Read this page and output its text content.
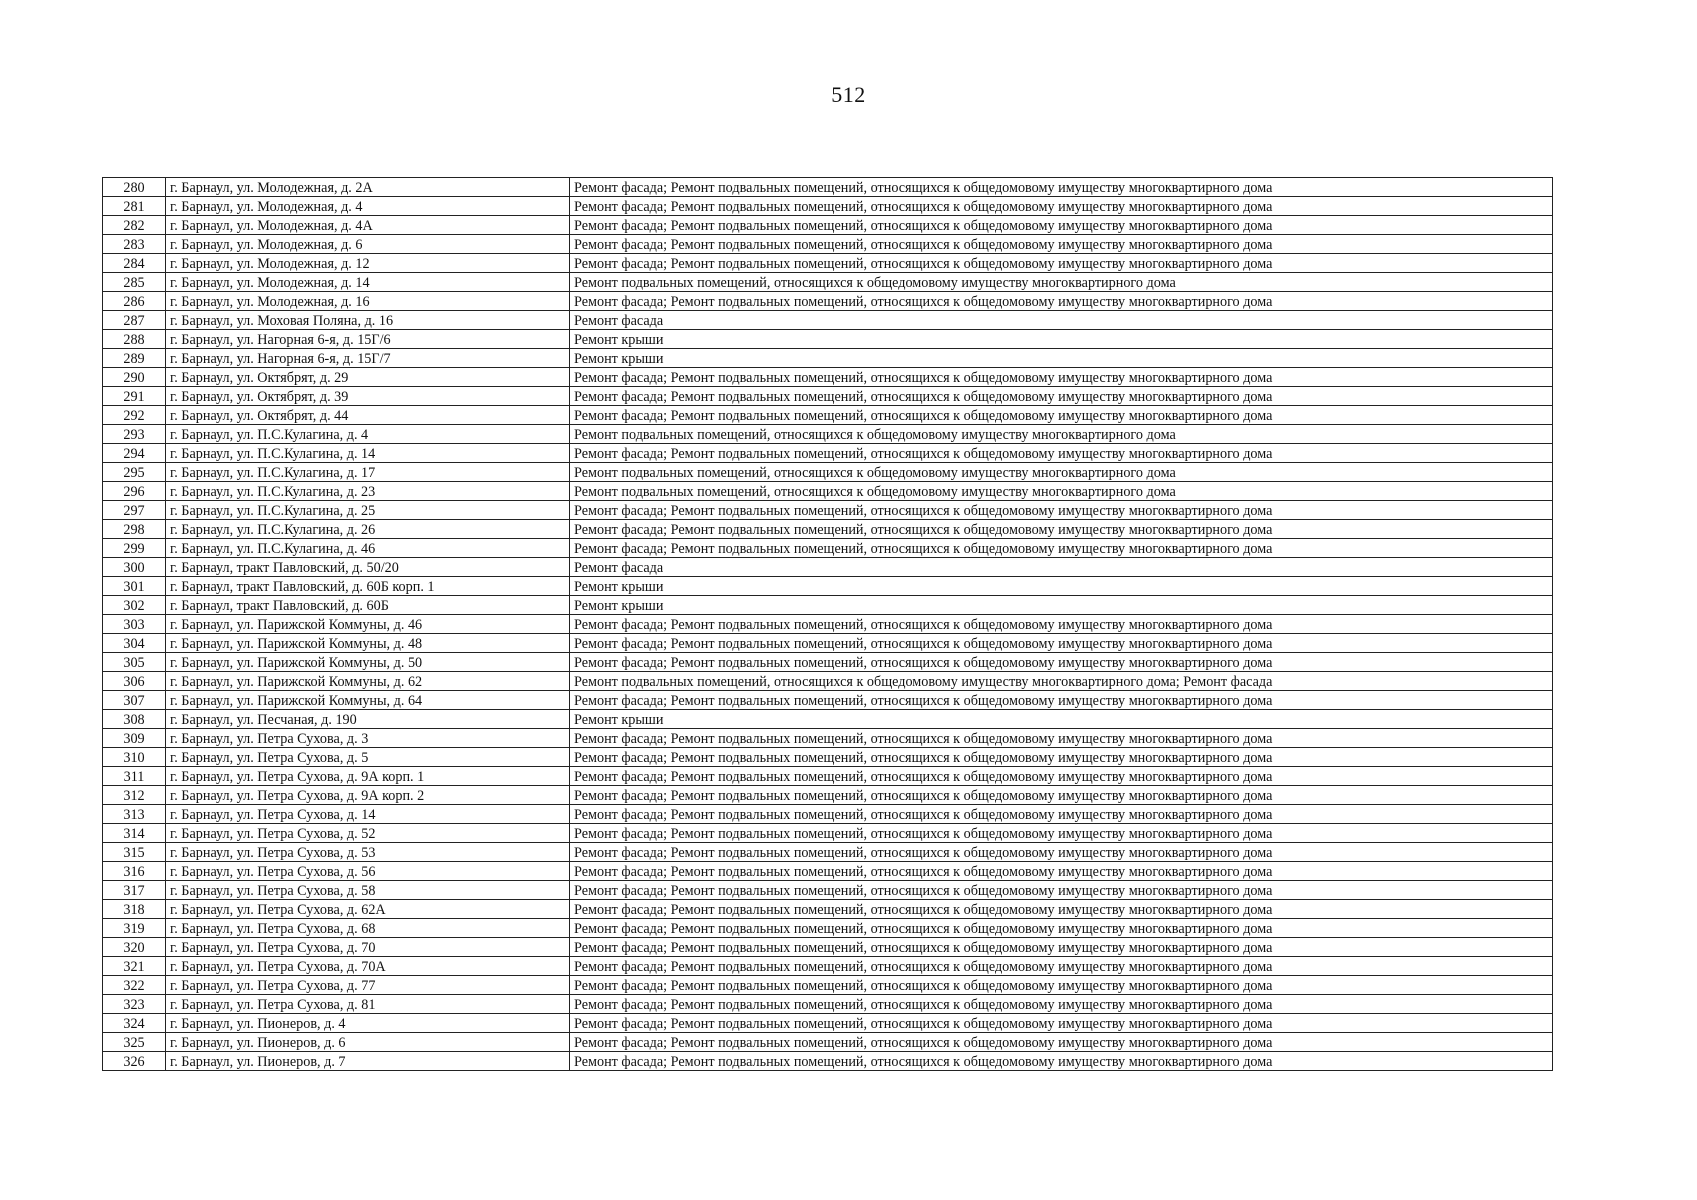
512
280	г. Барнаул, ул. Молодежная, д. 2А	Ремонт фасада; Ремонт подвальных помещений, относящихся к общедомовому имуществу многоквартирного дома
281	г. Барнаул, ул. Молодежная, д. 4	Ремонт фасада; Ремонт подвальных помещений, относящихся к общедомовому имуществу многоквартирного дома
282	г. Барнаул, ул. Молодежная, д. 4А	Ремонт фасада; Ремонт подвальных помещений, относящихся к общедомовому имуществу многоквартирного дома
283	г. Барнаул, ул. Молодежная, д. 6	Ремонт фасада; Ремонт подвальных помещений, относящихся к общедомовому имуществу многоквартирного дома
284	г. Барнаул, ул. Молодежная, д. 12	Ремонт фасада; Ремонт подвальных помещений, относящихся к общедомовому имуществу многоквартирного дома
285	г. Барнаул, ул. Молодежная, д. 14	Ремонт подвальных помещений, относящихся к общедомовому имуществу многоквартирного дома
286	г. Барнаул, ул. Молодежная, д. 16	Ремонт фасада; Ремонт подвальных помещений, относящихся к общедомовому имуществу многоквартирного дома
287	г. Барнаул, ул. Моховая Поляна, д. 16	Ремонт фасада
288	г. Барнаул, ул. Нагорная 6-я, д. 15Г/6	Ремонт крыши
289	г. Барнаул, ул. Нагорная 6-я, д. 15Г/7	Ремонт крыши
290	г. Барнаул, ул. Октябрят, д. 29	Ремонт фасада; Ремонт подвальных помещений, относящихся к общедомовому имуществу многоквартирного дома
291	г. Барнаул, ул. Октябрят, д. 39	Ремонт фасада; Ремонт подвальных помещений, относящихся к общедомовому имуществу многоквартирного дома
292	г. Барнаул, ул. Октябрят, д. 44	Ремонт фасада; Ремонт подвальных помещений, относящихся к общедомовому имуществу многоквартирного дома
293	г. Барнаул, ул. П.С.Кулагина, д. 4	Ремонт подвальных помещений, относящихся к общедомовому имуществу многоквартирного дома
294	г. Барнаул, ул. П.С.Кулагина, д. 14	Ремонт фасада; Ремонт подвальных помещений, относящихся к общедомовому имуществу многоквартирного дома
295	г. Барнаул, ул. П.С.Кулагина, д. 17	Ремонт подвальных помещений, относящихся к общедомовому имуществу многоквартирного дома
296	г. Барнаул, ул. П.С.Кулагина, д. 23	Ремонт подвальных помещений, относящихся к общедомовому имуществу многоквартирного дома
297	г. Барнаул, ул. П.С.Кулагина, д. 25	Ремонт фасада; Ремонт подвальных помещений, относящихся к общедомовому имуществу многоквартирного дома
298	г. Барнаул, ул. П.С.Кулагина, д. 26	Ремонт фасада; Ремонт подвальных помещений, относящихся к общедомовому имуществу многоквартирного дома
299	г. Барнаул, ул. П.С.Кулагина, д. 46	Ремонт фасада; Ремонт подвальных помещений, относящихся к общедомовому имуществу многоквартирного дома
300	г. Барнаул, тракт Павловский, д. 50/20	Ремонт фасада
301	г. Барнаул, тракт Павловский, д. 60Б корп. 1	Ремонт крыши
302	г. Барнаул, тракт Павловский, д. 60Б	Ремонт крыши
303	г. Барнаул, ул. Парижской Коммуны, д. 46	Ремонт фасада; Ремонт подвальных помещений, относящихся к общедомовому имуществу многоквартирного дома
304	г. Барнаул, ул. Парижской Коммуны, д. 48	Ремонт фасада; Ремонт подвальных помещений, относящихся к общедомовому имуществу многоквартирного дома
305	г. Барнаул, ул. Парижской Коммуны, д. 50	Ремонт фасада; Ремонт подвальных помещений, относящихся к общедомовому имуществу многоквартирного дома
306	г. Барнаул, ул. Парижской Коммуны, д. 62	Ремонт подвальных помещений, относящихся к общедомовому имуществу многоквартирного дома; Ремонт фасада
307	г. Барнаул, ул. Парижской Коммуны, д. 64	Ремонт фасада; Ремонт подвальных помещений, относящихся к общедомовому имуществу многоквартирного дома
308	г. Барнаул, ул. Песчаная, д. 190	Ремонт крыши
309	г. Барнаул, ул. Петра Сухова, д. 3	Ремонт фасада; Ремонт подвальных помещений, относящихся к общедомовому имуществу многоквартирного дома
310	г. Барнаул, ул. Петра Сухова, д. 5	Ремонт фасада; Ремонт подвальных помещений, относящихся к общедомовому имуществу многоквартирного дома
311	г. Барнаул, ул. Петра Сухова, д. 9А корп. 1	Ремонт фасада; Ремонт подвальных помещений, относящихся к общедомовому имуществу многоквартирного дома
312	г. Барнаул, ул. Петра Сухова, д. 9А корп. 2	Ремонт фасада; Ремонт подвальных помещений, относящихся к общедомовому имуществу многоквартирного дома
313	г. Барнаул, ул. Петра Сухова, д. 14	Ремонт фасада; Ремонт подвальных помещений, относящихся к общедомовому имуществу многоквартирного дома
314	г. Барнаул, ул. Петра Сухова, д. 52	Ремонт фасада; Ремонт подвальных помещений, относящихся к общедомовому имуществу многоквартирного дома
315	г. Барнаул, ул. Петра Сухова, д. 53	Ремонт фасада; Ремонт подвальных помещений, относящихся к общедомовому имуществу многоквартирного дома
316	г. Барнаул, ул. Петра Сухова, д. 56	Ремонт фасада; Ремонт подвальных помещений, относящихся к общедомовому имуществу многоквартирного дома
317	г. Барнаул, ул. Петра Сухова, д. 58	Ремонт фасада; Ремонт подвальных помещений, относящихся к общедомовому имуществу многоквартирного дома
318	г. Барнаул, ул. Петра Сухова, д. 62А	Ремонт фасада; Ремонт подвальных помещений, относящихся к общедомовому имуществу многоквартирного дома
319	г. Барнаул, ул. Петра Сухова, д. 68	Ремонт фасада; Ремонт подвальных помещений, относящихся к общедомовому имуществу многоквартирного дома
320	г. Барнаул, ул. Петра Сухова, д. 70	Ремонт фасада; Ремонт подвальных помещений, относящихся к общедомовому имуществу многоквартирного дома
321	г. Барнаул, ул. Петра Сухова, д. 70А	Ремонт фасада; Ремонт подвальных помещений, относящихся к общедомовому имуществу многоквартирного дома
322	г. Барнаул, ул. Петра Сухова, д. 77	Ремонт фасада; Ремонт подвальных помещений, относящихся к общедомовому имуществу многоквартирного дома
323	г. Барнаул, ул. Петра Сухова, д. 81	Ремонт фасада; Ремонт подвальных помещений, относящихся к общедомовому имуществу многоквартирного дома
324	г. Барнаул, ул. Пионеров, д. 4	Ремонт фасада; Ремонт подвальных помещений, относящихся к общедомовому имуществу многоквартирного дома
325	г. Барнаул, ул. Пионеров, д. 6	Ремонт фасада; Ремонт подвальных помещений, относящихся к общедомовому имуществу многоквартирного дома
326	г. Барнаул, ул. Пионеров, д. 7	Ремонт фасада; Ремонт подвальных помещений, относящихся к общедомовому имуществу многоквартирного дома
